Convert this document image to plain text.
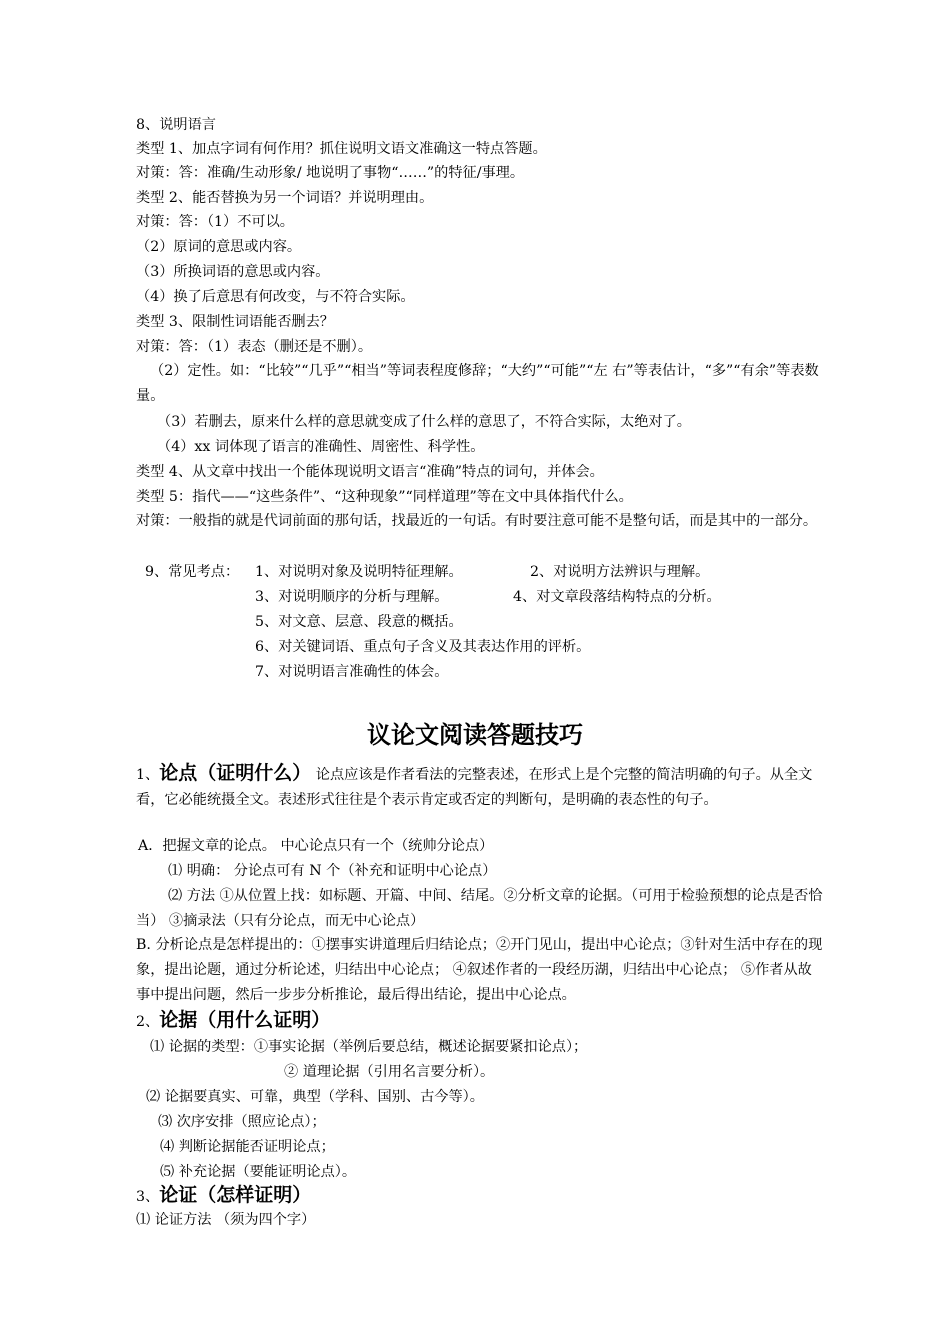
8、说明语言
类型 1、加点字词有何作用？抓住说明文语文准确这一特点答题。
对策：答：准确/生动形象/ 地说明了事物“……”的特征/事理。
类型 2、能否替换为另一个词语？并说明理由。
对策：答：（1）不可以。
（2）原词的意思或内容。
（3）所换词语的意思或内容。
（4）换了后意思有何改变，与不符合实际。
类型 3、限制性词语能否删去？
对策：答：（1）表态（删还是不删）。
（2）定性。如：“比较”“几乎”“相当”等词表程度修辞；“大约”“可能”“左 右”等表估计，“多”“有余”等表数量。
（3）若删去，原来什么样的意思就变成了什么样的意思了，不符合实际，太绝对了。
（4）xx 词体现了语言的准确性、周密性、科学性。
类型 4、从文章中找出一个能体现说明文语言“准确”特点的词句，并体会。
类型 5：指代——“这些条件”、“这种现象”“同样道理”等在文中具体指代什么。
对策：一般指的就是代词前面的那句话，找最近的一句话。有时要注意可能不是整句话，而是其中的一部分。
9、常见考点： 1、对说明对象及说明特征理解。	2、对说明方法辨识与理解。
3、对说明顺序的分析与理解。	4、对文章段落结构特点的分析。
5、对文意、层意、段意的概括。
6、对关键词语、重点句子含义及其表达作用的评析。
7、对说明语言准确性的体会。
议论文阅读答题技巧
1、论点（证明什么） 论点应该是作者看法的完整表述，在形式上是个完整的简洁明确的句子。从全文看，它必能统摄全文。表述形式往往是个表示肯定或否定的判断句，是明确的表态性的句子。
A．把握文章的论点。 中心论点只有一个（统帅分论点）
⑴ 明确： 分论点可有 N 个（补充和证明中心论点）
⑵ 方法 ①从位置上找：如标题、开篇、中间、结尾。②分析文章的论据。（可用于检验预想的论点是否恰当） ③摘录法（只有分论点，而无中心论点）
B. 分析论点是怎样提出的：①摆事实讲道理后归结论点；②开门见山，提出中心论点；③针对生活中存在的现象，提出论题，通过分析论述，归结出中心论点； ④叙述作者的一段经历湖，归结出中心论点； ⑤作者从故事中提出问题，然后一步步分析推论，最后得出结论，提出中心论点。
2、论据（用什么证明）
⑴ 论据的类型：①事实论据（举例后要总结，概述论据要紧扣论点）；
② 道理论据（引用名言要分析）。
⑵ 论据要真实、可靠，典型（学科、国别、古今等）。
⑶ 次序安排（照应论点）；
⑷ 判断论据能否证明论点；
⑸ 补充论据（要能证明论点）。
3、论证（怎样证明）
⑴ 论证方法 （须为四个字）
